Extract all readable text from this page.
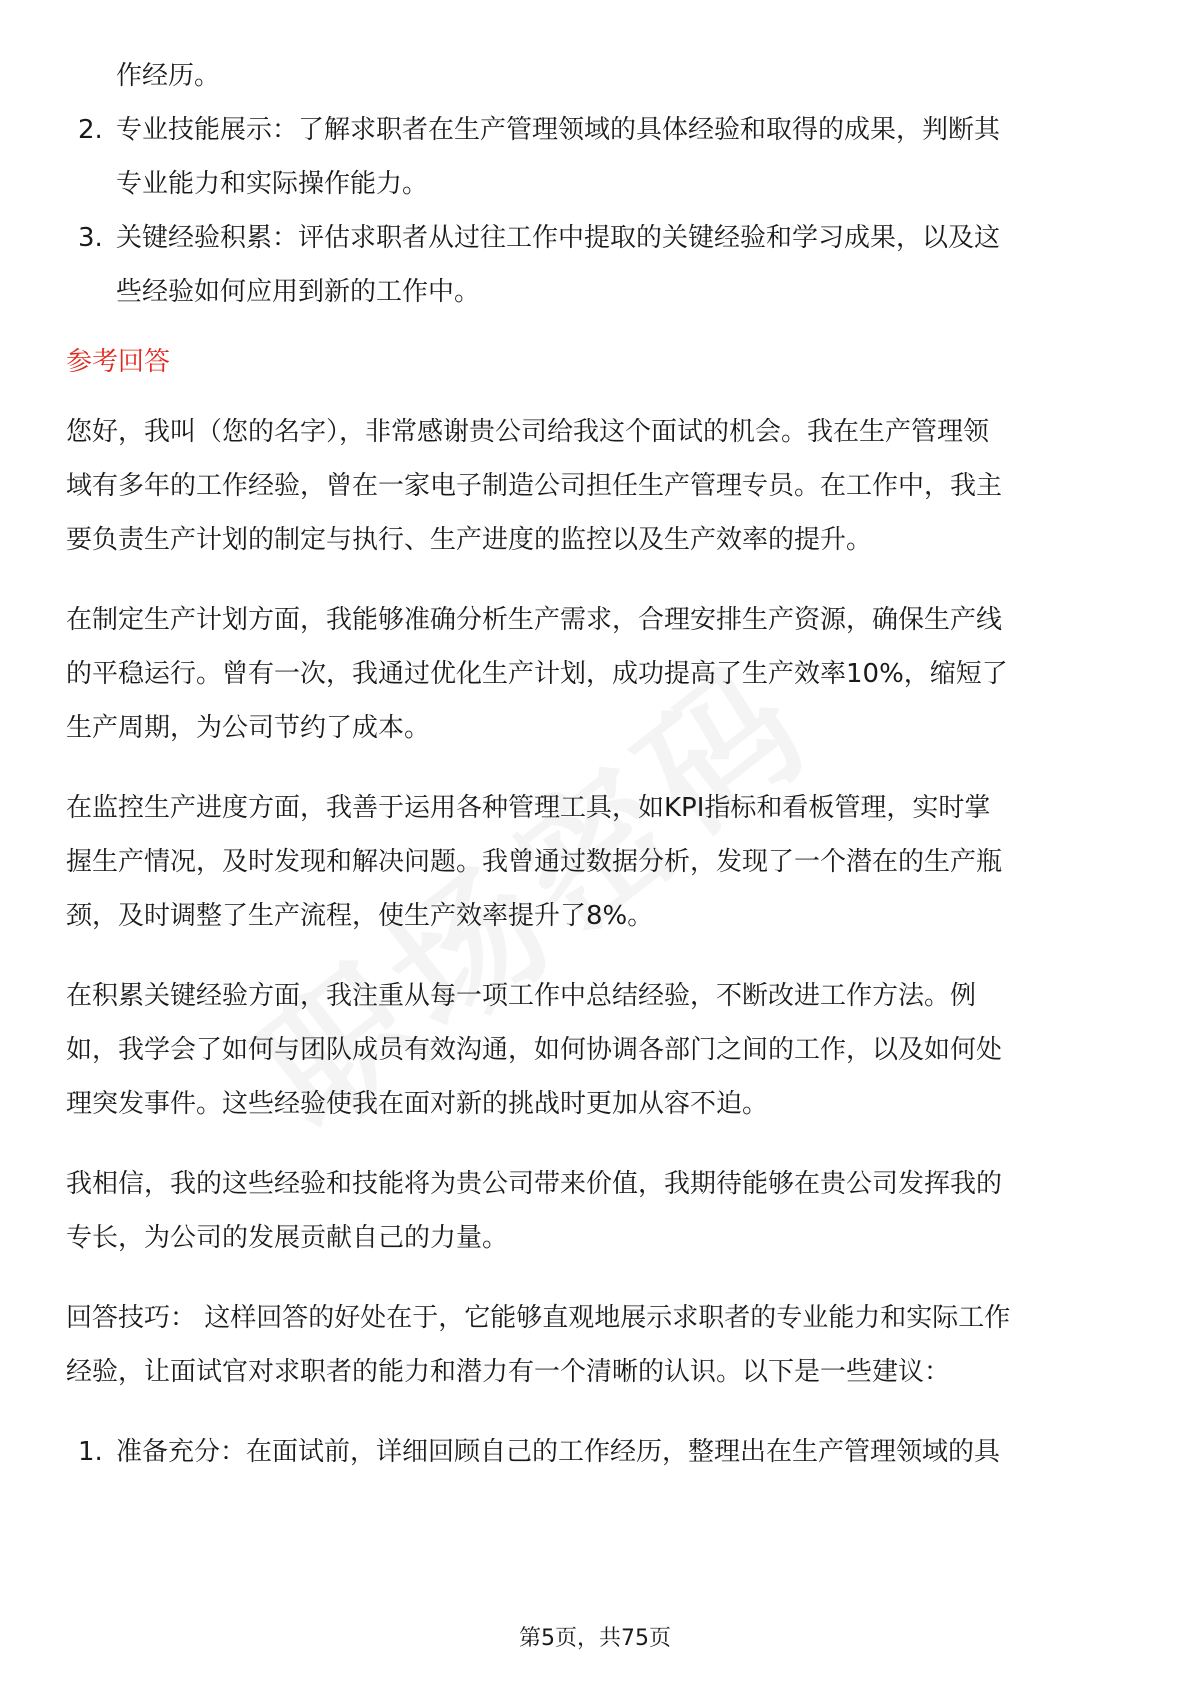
作经历。
2. 专业技能展示：了解求职者在生产管理领域的具体经验和取得的成果，判断其
专业能力和实际操作能力。
3. 关键经验积累：评估求职者从过往工作中提取的关键经验和学习成果，以及这
些经验如何应用到新的工作中。
参考回答
您好，我叫（您的名字），非常感谢贵公司给我这个面试的机会。我在生产管理领
域有多年的工作经验，曾在一家电子制造公司担任生产管理专员。在工作中，我主
要负责生产计划的制定与执行、生产进度的监控以及生产效率的提升。
在制定生产计划方面，我能够准确分析生产需求，合理安排生产资源，确保生产线
的平稳运行。曾有一次，我通过优化生产计划，成功提高了生产效率10%，缩短了
生产周期，为公司节约了成本。
在监控生产进度方面，我善于运用各种管理工具，如KPI指标和看板管理，实时掌
握生产情况，及时发现和解决问题。我曾通过数据分析，发现了一个潜在的生产瓶
颈，及时调整了生产流程，使生产效率提升了8%。
在积累关键经验方面，我注重从每一项工作中总结经验，不断改进工作方法。例
如，我学会了如何与团队成员有效沟通，如何协调各部门之间的工作，以及如何处
理突发事件。这些经验使我在面对新的挑战时更加从容不迫。
我相信，我的这些经验和技能将为贵公司带来价值，我期待能够在贵公司发挥我的
专长，为公司的发展贡献自己的力量。
回答技巧： 这样回答的好处在于，它能够直观地展示求职者的专业能力和实际工作
经验，让面试官对求职者的能力和潜力有一个清晰的认识。以下是一些建议：
1. 准备充分：在面试前，详细回顾自己的工作经历，整理出在生产管理领域的具
第5页，共75页
